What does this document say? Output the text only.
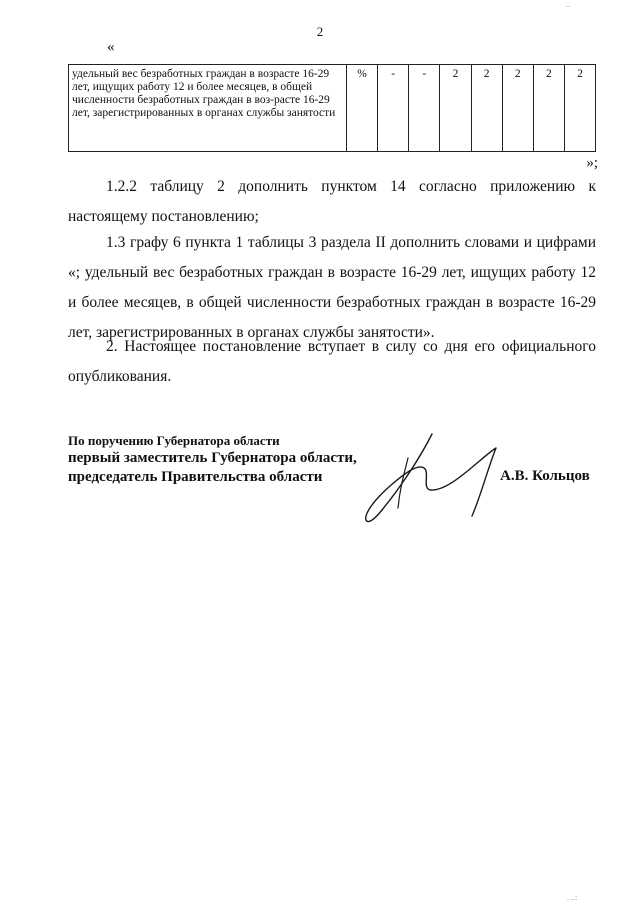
..
2
«
удельный вес безработных граждан в возрасте 16-29 лет, ищущих работу 12 и более месяцев, в общей численности безработных граждан в воз-расте 16-29 лет, зарегистрированных в органах службы занятости	%	-	-	2	2	2	2	2
»;

1.2.2 таблицу 2 дополнить пунктом 14 согласно приложению к настоящему постановлению;

1.3 графу 6 пункта 1 таблицы 3 раздела II дополнить словами и цифрами «; удельный вес безработных граждан в возрасте 16-29 лет, ищущих работу 12 и более месяцев, в общей численности безработных граждан в возрасте 16-29 лет, зарегистрированных в органах службы занятости».

2. Настоящее постановление вступает в силу со дня его официального опубликования.

По поручению Губернатора области
первый заместитель Губернатора области,
председатель Правительства области	А.В. Кольцов
. ..:
